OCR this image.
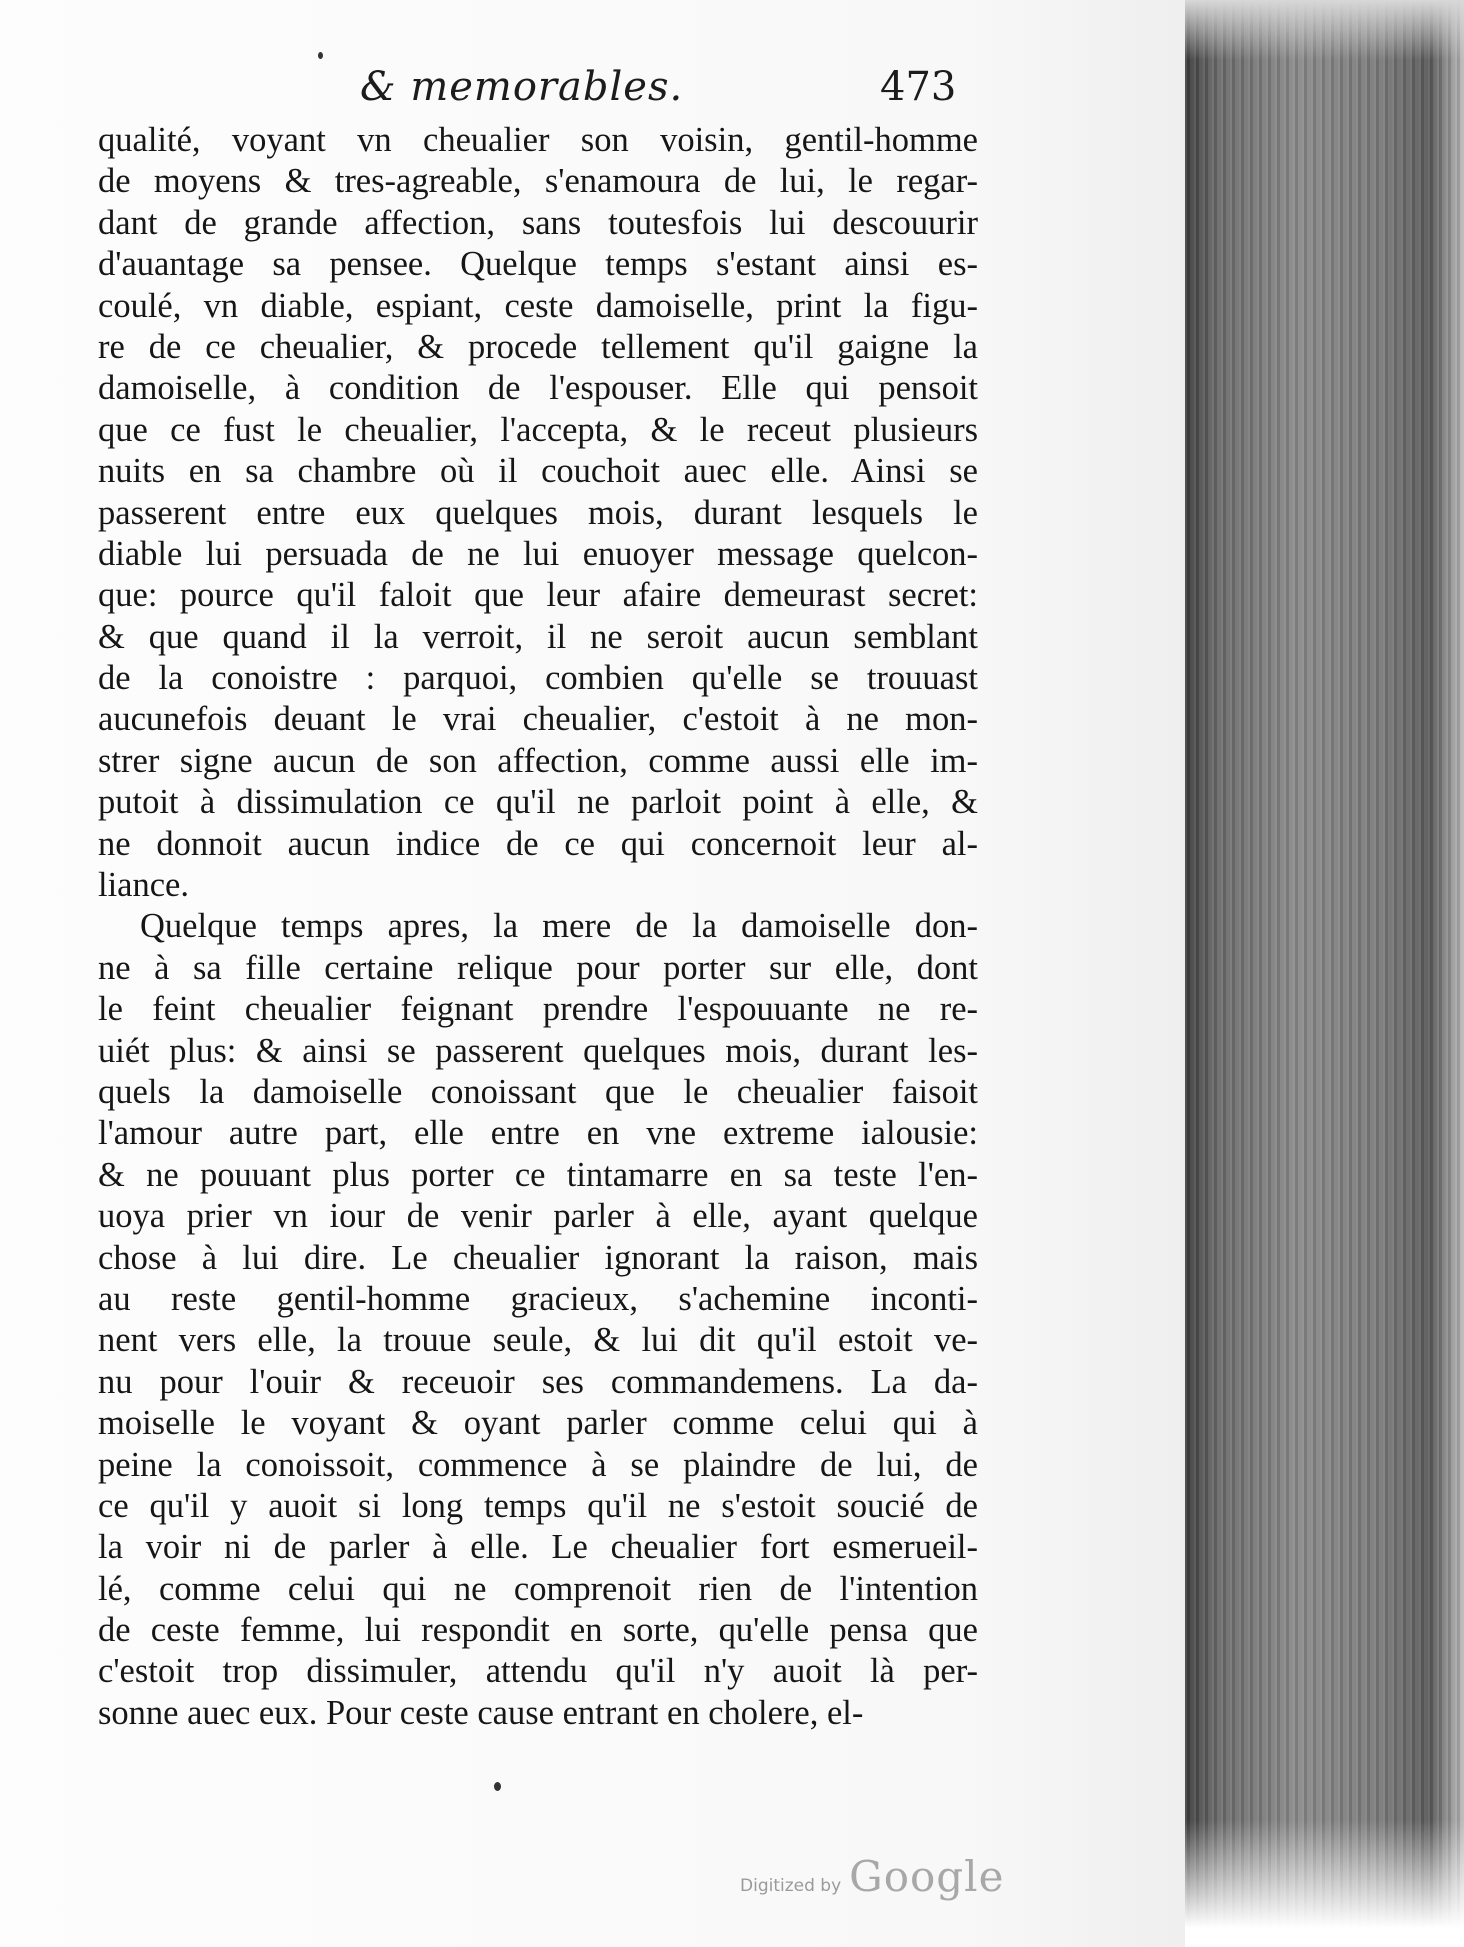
& memorables.	473
qualité, voyant vn cheualier son voisin, gentil-homme
de moyens & tres-agreable, s'enamoura de lui, le regar-
dant de grande affection, sans toutesfois lui descouurir
d'auantage sa pensee. Quelque temps s'estant ainsi es-
coulé, vn diable, espiant, ceste damoiselle, print la figu-
re de ce cheualier, & procede tellement qu'il gaigne la
damoiselle, à condition de l'espouser. Elle qui pensoit
que ce fust le cheualier, l'accepta, & le receut plusieurs
nuits en sa chambre où il couchoit auec elle. Ainsi se
passerent entre eux quelques mois, durant lesquels le
diable lui persuada de ne lui enuoyer message quelcon-
que: pource qu'il faloit que leur afaire demeurast secret:
& que quand il la verroit, il ne seroit aucun semblant
de la conoistre : parquoi, combien qu'elle se trouuast
aucunefois deuant le vrai cheualier, c'estoit à ne mon-
strer signe aucun de son affection, comme aussi elle im-
putoit à dissimulation ce qu'il ne parloit point à elle, &
ne donnoit aucun indice de ce qui concernoit leur al-
liance.
Quelque temps apres, la mere de la damoiselle don-
ne à sa fille certaine relique pour porter sur elle, dont
le feint cheualier feignant prendre l'espouuante ne re-
uiét plus: & ainsi se passerent quelques mois, durant les-
quels la damoiselle conoissant que le cheualier faisoit
l'amour autre part, elle entre en vne extreme ialousie:
& ne pouuant plus porter ce tintamarre en sa teste l'en-
uoya prier vn iour de venir parler à elle, ayant quelque
chose à lui dire. Le cheualier ignorant la raison, mais
au reste gentil-homme gracieux, s'achemine inconti-
nent vers elle, la trouue seule, & lui dit qu'il estoit ve-
nu pour l'ouir & receuoir ses commandemens. La da-
moiselle le voyant & oyant parler comme celui qui à
peine la conoissoit, commence à se plaindre de lui, de
ce qu'il y auoit si long temps qu'il ne s'estoit soucié de
la voir ni de parler à elle. Le cheualier fort esmerueil-
lé, comme celui qui ne comprenoit rien de l'intention
de ceste femme, lui respondit en sorte, qu'elle pensa que
c'estoit trop dissimuler, attendu qu'il n'y auoit là per-
sonne auec eux. Pour ceste cause entrant en cholere, el-
Digitized by Google
